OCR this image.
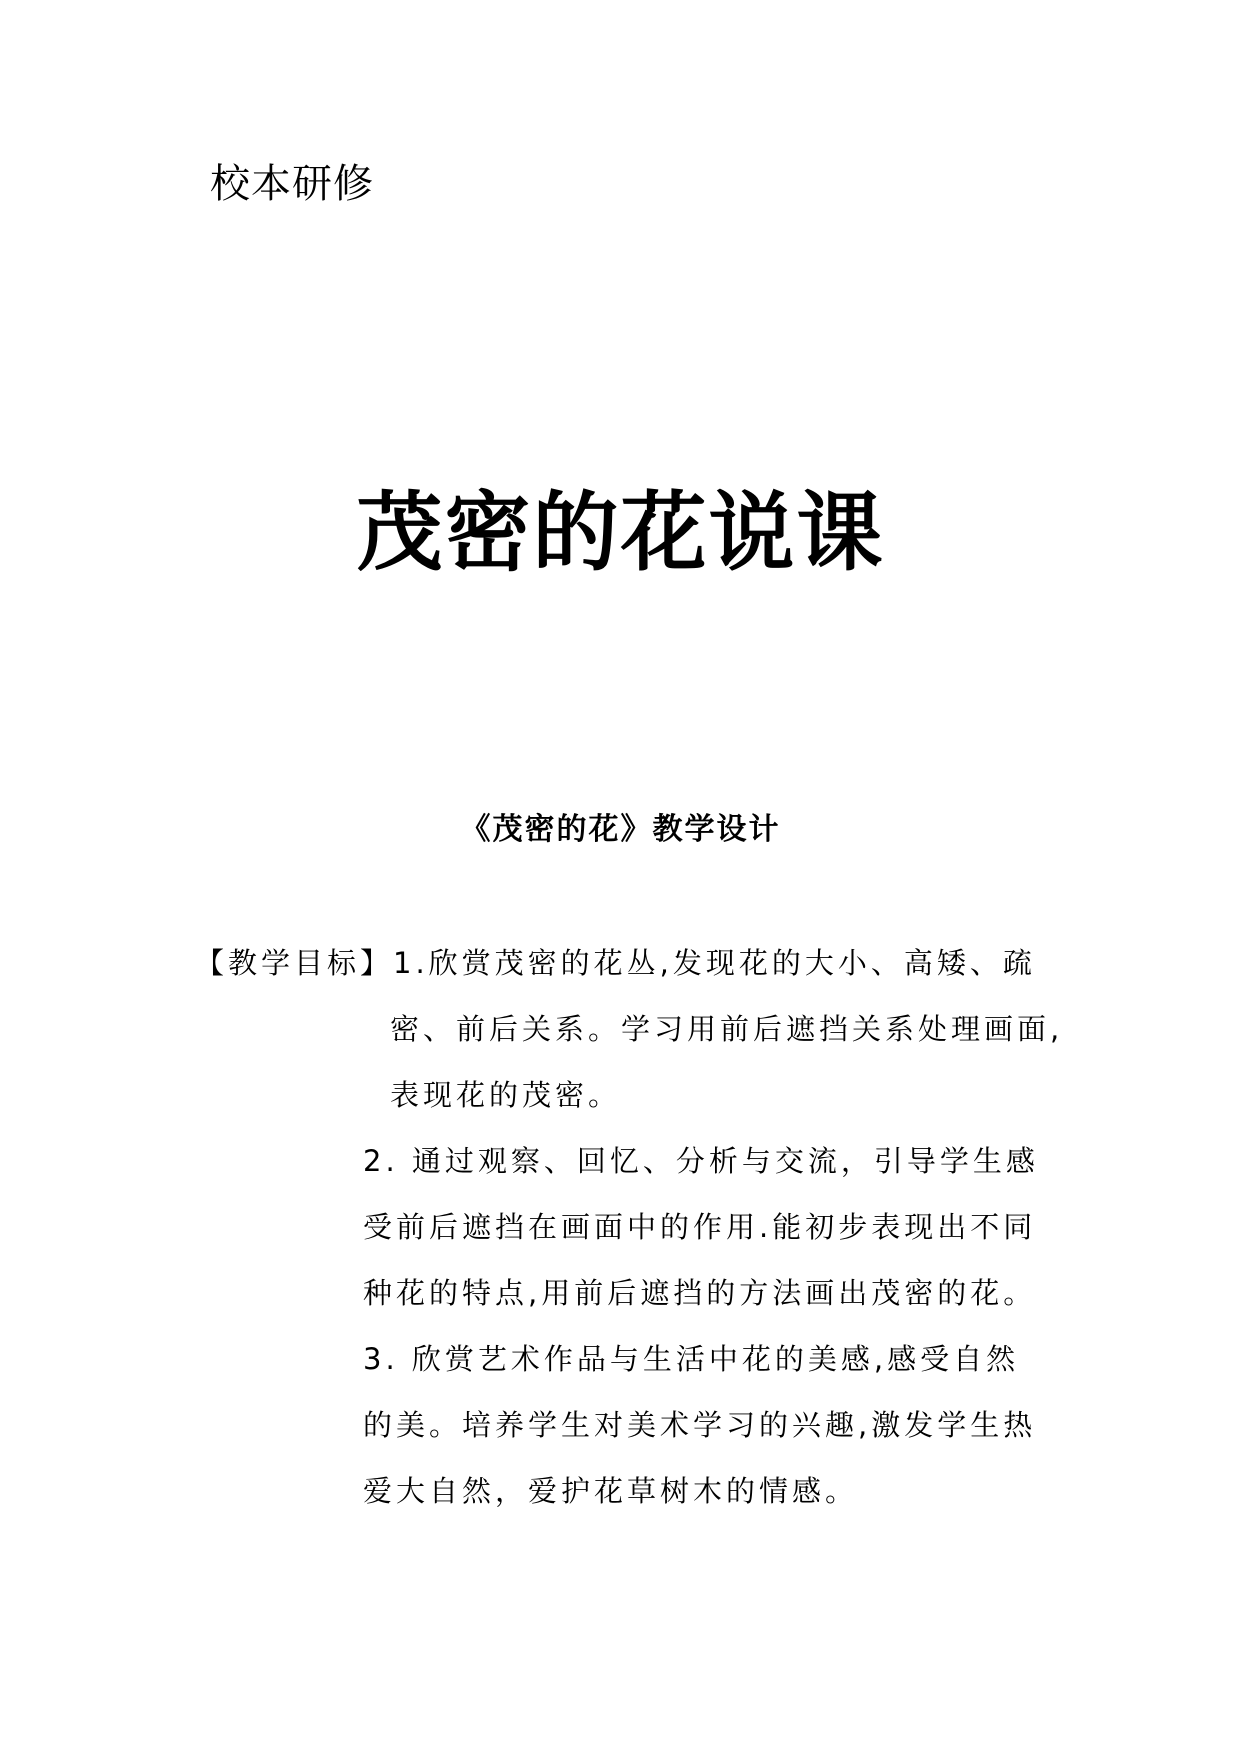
校本研修
茂密的花说课
《茂密的花》教学设计
【教学目标】1.欣赏茂密的花丛,发现花的大小、高矮、疏
密、前后关系。学习用前后遮挡关系处理画面,
表现花的茂密。
2. 通过观察、回忆、分析与交流，引导学生感
受前后遮挡在画面中的作用.能初步表现出不同
种花的特点,用前后遮挡的方法画出茂密的花。
3. 欣赏艺术作品与生活中花的美感,感受自然
的美。培养学生对美术学习的兴趣,激发学生热
爱大自然，爱护花草树木的情感。
